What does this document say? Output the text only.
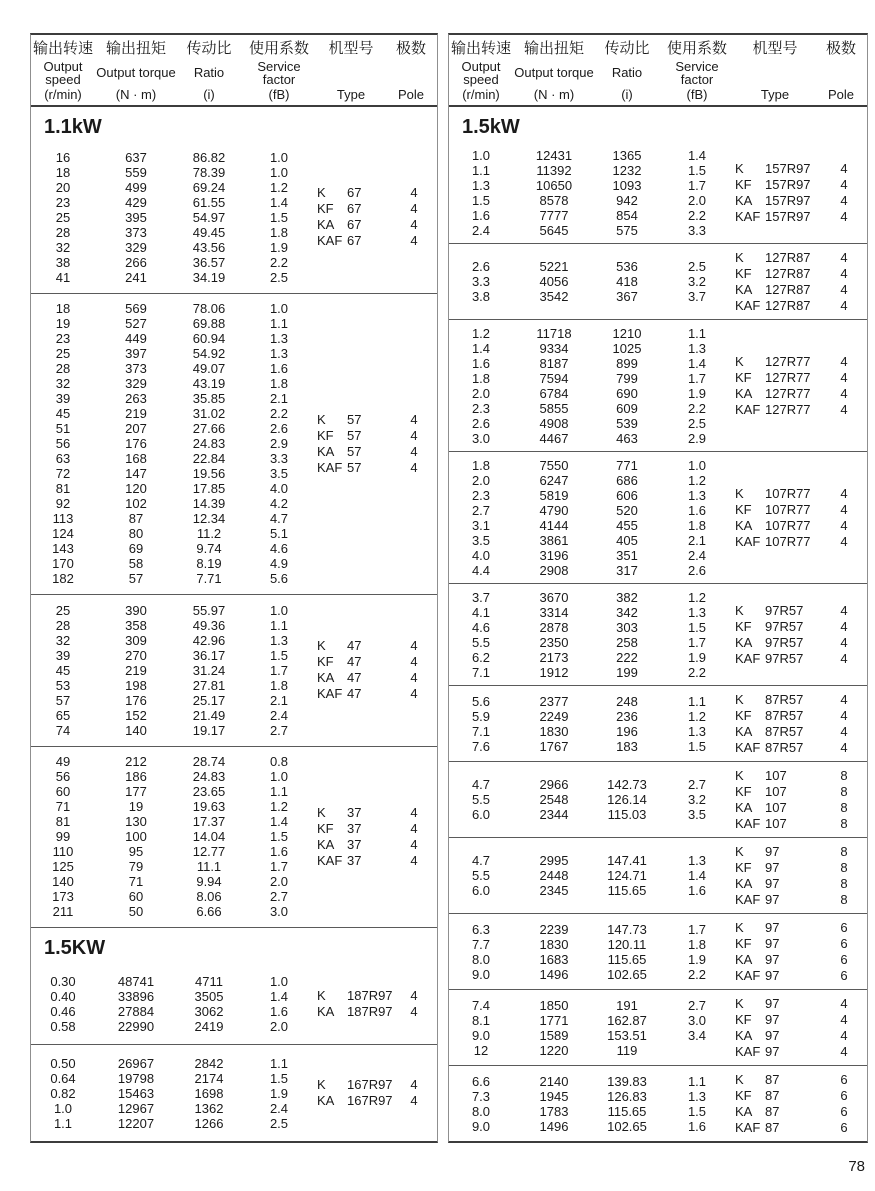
输出转速
Output speed
(r/min)
输出扭矩
Output torque
(N · m)
传动比
Ratio
(i)
使用系数
Service factor
(fB)
机型号
Type
极数
Pole
1.1kW
16	637	86.82	1.0
18	559	78.39	1.0
20	499	69.24	1.2
23	429	61.55	1.4
25	395	54.97	1.5
28	373	49.45	1.8
32	329	43.56	1.9
38	266	36.57	2.2
41	241	34.19	2.5
K	67	4
KF	67	4
KA 67	4
KAF 67	4
18	569	78.06	1.0
19	527	69.88	1.1
23	449	60.94	1.3
25	397	54.92	1.3
28	373	49.07	1.6
32	329	43.19	1.8
39	263	35.85	2.1
45	219	31.02	2.2
51	207	27.66	2.6
56	176	24.83	2.9
63	168	22.84	3.3
72	147	19.56	3.5
81	120	17.85	4.0
92	102	14.39	4.2
113	87	12.34	4.7
124	80	11.2	5.1
143	69	9.74	4.6
170	58	8.19	4.9
182	57	7.71	5.6
K	57	4
KF	57	4
KA 57	4
KAF 57	4
25	390	55.97	1.0
28	358	49.36	1.1
32	309	42.96	1.3
39	270	36.17	1.5
45	219	31.24	1.7
53	198	27.81	1.8
57	176	25.17	2.1
65	152	21.49	2.4
74	140	19.17	2.7
K	47	4
KF	47	4
KA 47	4
KAF 47	4
49	212	28.74	0.8
56	186	24.83	1.0
60	177	23.65	1.1
71	19	19.63	1.2
81	130	17.37	1.4
99	100	14.04	1.5
110	95	12.77	1.6
125	79	11.1	1.7
140	71	9.94	2.0
173	60	8.06	2.7
211	50	6.66	3.0
K	37	4
KF	37	4
KA 37	4
KAF 37	4
1.5KW
0.30	48741	4711	1.0
0.40	33896	3505	1.4
0.46	27884	3062	1.6
0.58	22990	2419	2.0
K	187R97	4
KA 187R97	4
0.50	26967	2842	1.1
0.64	19798	2174	1.5
0.82	15463	1698	1.9
1.0	12967	1362	2.4
1.1	12207	1266	2.5
K	167R97	4
KA 167R97	4
输出转速
Output speed
(r/min)
输出扭矩
Output torque
(N · m)
传动比
Ratio
(i)
使用系数
Service factor
(fB)
机型号
Type
极数
Pole
1.5kW
1.0	12431	1365	1.4
1.1	11392	1232	1.5
1.3	10650	1093	1.7
1.5	8578	942	2.0
1.6	7777	854	2.2
2.4	5645	575	3.3
K	157R97	4
KF	157R97	4
KA 157R97	4
KAF 157R97	4
2.6	5221	536	2.5
3.3	4056	418	3.2
3.8	3542	367	3.7
K	127R87	4
KF	127R87	4
KA 127R87	4
KAF 127R87	4
1.2	11718	1210	1.1
1.4	9334	1025	1.3
1.6	8187	899	1.4
1.8	7594	799	1.7
2.0	6784	690	1.9
2.3	5855	609	2.2
2.6	4908	539	2.5
3.0	4467	463	2.9
K	127R77	4
KF	127R77	4
KA 127R77	4
KAF 127R77	4
1.8	7550	771	1.0
2.0	6247	686	1.2
2.3	5819	606	1.3
2.7	4790	520	1.6
3.1	4144	455	1.8
3.5	3861	405	2.1
4.0	3196	351	2.4
4.4	2908	317	2.6
K	107R77	4
KF	107R77	4
KA 107R77	4
KAF 107R77	4
3.7	3670	382	1.2
4.1	3314	342	1.3
4.6	2878	303	1.5
5.5	2350	258	1.7
6.2	2173	222	1.9
7.1	1912	199	2.2
K	97R57	4
KF	97R57	4
KA 97R57	4
KAF 97R57	4
5.6	2377	248	1.1
5.9	2249	236	1.2
7.1	1830	196	1.3
7.6	1767	183	1.5
K	87R57	4
KF	87R57	4
KA 87R57	4
KAF 87R57	4
4.7	2966	142.73	2.7
5.5	2548	126.14	3.2
6.0	2344	115.03	3.5
K	107	8
KF	107	8
KA 107	8
KAF 107	8
4.7	2995	147.41	1.3
5.5	2448	124.71	1.4
6.0	2345	115.65	1.6
K	97	8
KF	97	8
KA 97	8
KAF 97	8
6.3	2239	147.73	1.7
7.7	1830	120.11	1.8
8.0	1683	115.65	1.9
9.0	1496	102.65	2.2
K	97	6
KF	97	6
KA 97	6
KAF 97	6
7.4	1850	191	2.7
8.1	1771	162.87	3.0
9.0	1589	153.51	3.4
12	1220	119
K	97	4
KF	97	4
KA 97	4
KAF 97	4
6.6	2140	139.83	1.1
7.3	1945	126.83	1.3
8.0	1783	115.65	1.5
9.0	1496	102.65	1.6
K	87	6
KF	87	6
KA 87	6
KAF 87	6
78
